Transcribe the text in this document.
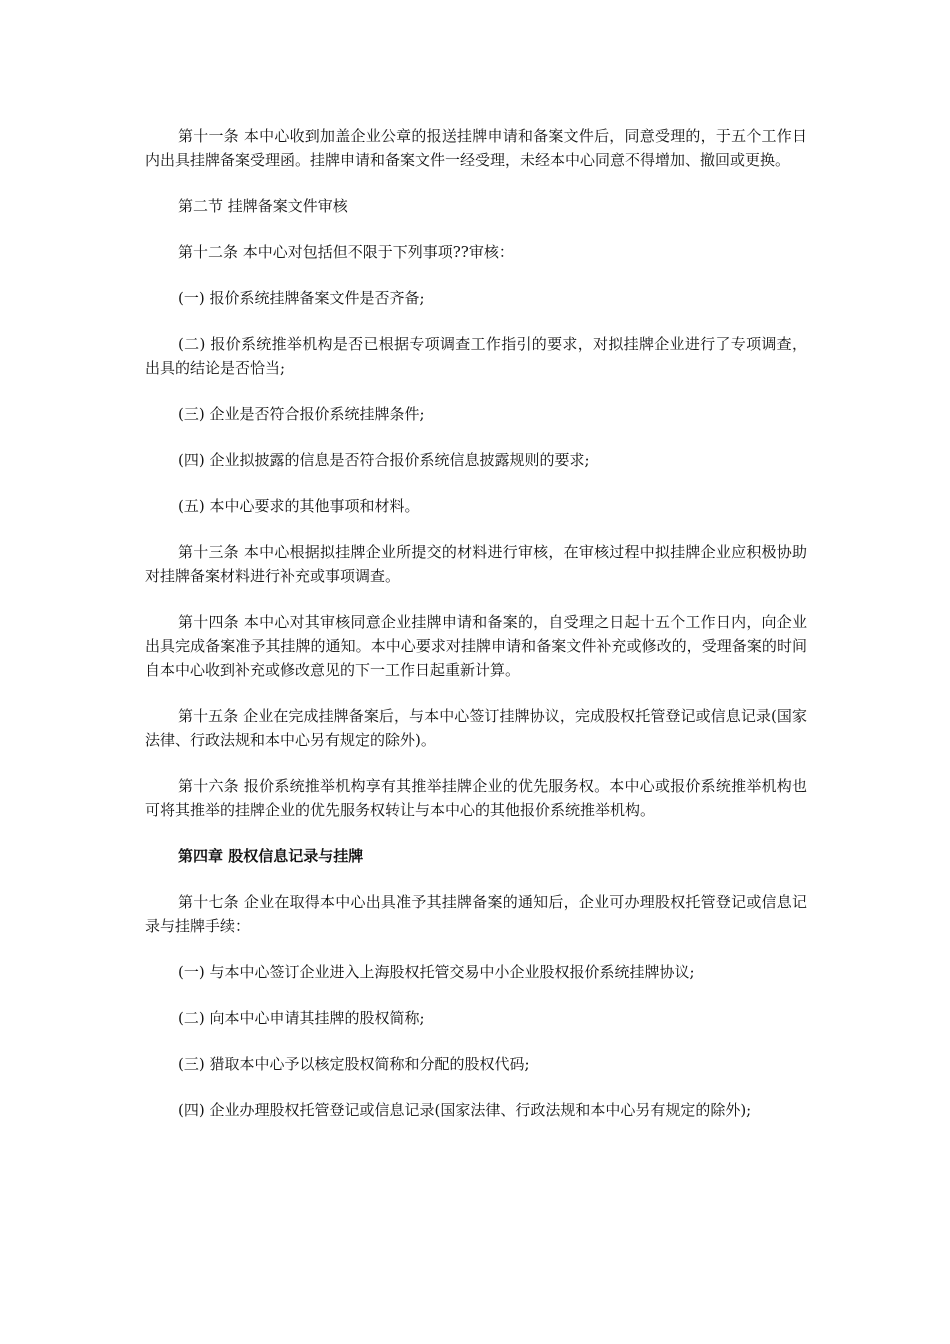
第十一条 本中心收到加盖企业公章的报送挂牌申请和备案文件后，同意受理的，于五个工作日内出具挂牌备案受理函。挂牌申请和备案文件一经受理，未经本中心同意不得增加、撤回或更换。

第二节 挂牌备案文件审核

第十二条 本中心对包括但不限于下列事项??审核：

(一) 报价系统挂牌备案文件是否齐备;

(二) 报价系统推举机构是否已根据专项调查工作指引的要求，对拟挂牌企业进行了专项调查，出具的结论是否恰当;

(三) 企业是否符合报价系统挂牌条件;

(四) 企业拟披露的信息是否符合报价系统信息披露规则的要求;

(五) 本中心要求的其他事项和材料。

第十三条 本中心根据拟挂牌企业所提交的材料进行审核，在审核过程中拟挂牌企业应积极协助对挂牌备案材料进行补充或事项调查。

第十四条 本中心对其审核同意企业挂牌申请和备案的，自受理之日起十五个工作日内，向企业出具完成备案准予其挂牌的通知。本中心要求对挂牌申请和备案文件补充或修改的，受理备案的时间自本中心收到补充或修改意见的下一工作日起重新计算。

第十五条 企业在完成挂牌备案后，与本中心签订挂牌协议，完成股权托管登记或信息记录(国家法律、行政法规和本中心另有规定的除外)。

第十六条 报价系统推举机构享有其推举挂牌企业的优先服务权。本中心或报价系统推举机构也可将其推举的挂牌企业的优先服务权转让与本中心的其他报价系统推举机构。

第四章 股权信息记录与挂牌

第十七条 企业在取得本中心出具准予其挂牌备案的通知后，企业可办理股权托管登记或信息记录与挂牌手续：

(一) 与本中心签订企业进入上海股权托管交易中小企业股权报价系统挂牌协议;

(二) 向本中心申请其挂牌的股权简称;

(三) 猎取本中心予以核定股权简称和分配的股权代码;

(四) 企业办理股权托管登记或信息记录(国家法律、行政法规和本中心另有规定的除外);
